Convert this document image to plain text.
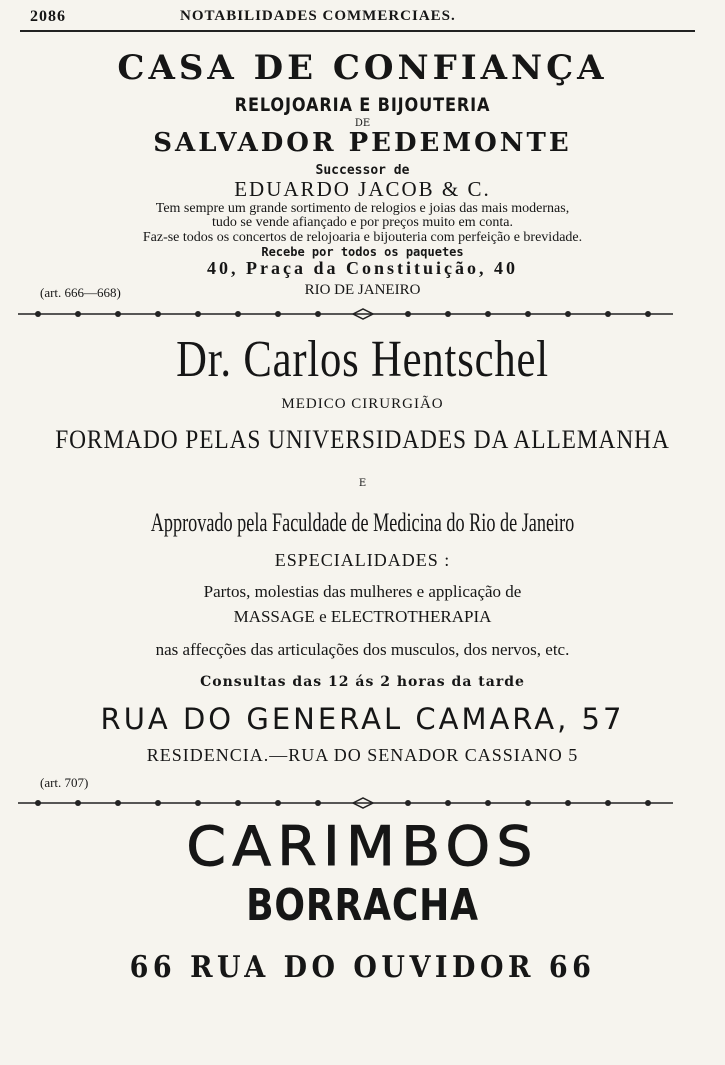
2086	NOTABILIDADES COMMERCIAES.
CASA DE CONFIANÇA
RELOJOARIA E BIJOUTERIA
DE
SALVADOR PEDEMONTE
Successor de
EDUARDO JACOB & C.
Tem sempre um grande sortimento de relogios e joias das mais modernas,
tudo se vende afiançado e por preços muito em conta.
Faz-se todos os concertos de relojoaria e bijouteria com perfeição e brevidade.
Recebe por todos os paquetes
40, Praça da Constituição, 40
(art. 666—668)	RIO DE JANEIRO
Dr. Carlos Hentschel
MEDICO CIRURGIÃO
FORMADO PELAS UNIVERSIDADES DA ALLEMANHA
E
Approvado pela Faculdade de Medicina do Rio de Janeiro
ESPECIALIDADES :
Partos, molestias das mulheres e applicação de
MASSAGE e ELECTROTHERAPIA
nas affecções das articulações dos musculos, dos nervos, etc.
Consultas das 12 ás 2 horas da tarde
RUA DO GENERAL CAMARA, 57
RESIDENCIA.—RUA DO SENADOR CASSIANO 5
(art. 707)
CARIMBOS
BORRACHA
66 RUA DO OUVIDOR 66
